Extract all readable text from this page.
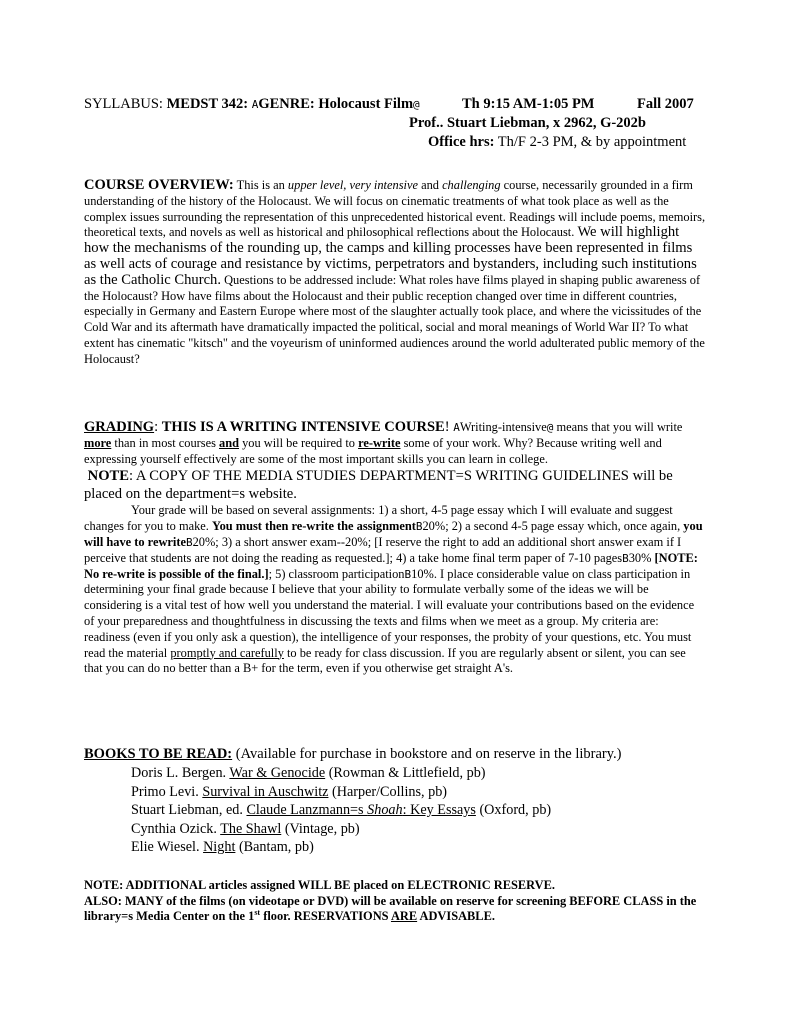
SYLLABUS: MEDST 342: AGENRE: Holocaust Film@	Th 9:15 AM-1:05 PM	Fall 2007
Prof.. Stuart Liebman, x 2962, G-202b
Office hrs: Th/F 2-3 PM, & by appointment
COURSE OVERVIEW: This is an upper level, very intensive and challenging course, necessarily grounded in a firm understanding of the history of the Holocaust. We will focus on cinematic treatments of what took place as well as the complex issues surrounding the representation of this unprecedented historical event. Readings will include poems, memoirs, theoretical texts, and novels as well as historical and philosophical reflections about the Holocaust. We will highlight how the mechanisms of the rounding up, the camps and killing processes have been represented in films as well acts of courage and resistance by victims, perpetrators and bystanders, including such institutions as the Catholic Church. Questions to be addressed include: What roles have films played in shaping public awareness of the Holocaust? How have films about the Holocaust and their public reception changed over time in different countries, especially in Germany and Eastern Europe where most of the slaughter actually took place, and where the vicissitudes of the Cold War and its aftermath have dramatically impacted the political, social and moral meanings of World War II? To what extent has cinematic "kitsch" and the voyeurism of uninformed audiences around the world adulterated public memory of the Holocaust?
GRADING: THIS IS A WRITING INTENSIVE COURSE! AWriting-intensive@ means that you will write more than in most courses and you will be required to re-write some of your work. Why? Because writing well and expressing yourself effectively are some of the most important skills you can learn in college.
NOTE: A COPY OF THE MEDIA STUDIES DEPARTMENT=S WRITING GUIDELINES will be placed on the department=s website.
Your grade will be based on several assignments: 1) a short, 4-5 page essay which I will evaluate and suggest changes for you to make. You must then re-write the assignmentB20%; 2) a second 4-5 page essay which, once again, you will have to rewriteB20%; 3) a short answer exam--20%; [I reserve the right to add an additional short answer exam if I perceive that students are not doing the reading as requested.]; 4) a take home final term paper of 7-10 pagesB30% [NOTE: No re-write is possible of the final.]; 5) classroom participationB10%. I place considerable value on class participation in determining your final grade because I believe that your ability to formulate verbally some of the ideas we will be considering is a vital test of how well you understand the material. I will evaluate your contributions based on the evidence of your preparedness and thoughtfulness in discussing the texts and films when we meet as a group. My criteria are: readiness (even if you only ask a question), the intelligence of your responses, the probity of your questions, etc. You must read the material promptly and carefully to be ready for class discussion. If you are regularly absent or silent, you can see that you can do no better than a B+ for the term, even if you otherwise get straight A's.
BOOKS TO BE READ: (Available for purchase in bookstore and on reserve in the library.)
Doris L. Bergen. War & Genocide (Rowman & Littlefield, pb)
Primo Levi. Survival in Auschwitz (Harper/Collins, pb)
Stuart Liebman, ed. Claude Lanzmann=s Shoah: Key Essays (Oxford, pb)
Cynthia Ozick. The Shawl (Vintage, pb)
Elie Wiesel. Night (Bantam, pb)
NOTE: ADDITIONAL articles assigned WILL BE placed on ELECTRONIC RESERVE.
ALSO: MANY of the films (on videotape or DVD) will be available on reserve for screening BEFORE CLASS in the library=s Media Center on the 1st floor. RESERVATIONS ARE ADVISABLE.
